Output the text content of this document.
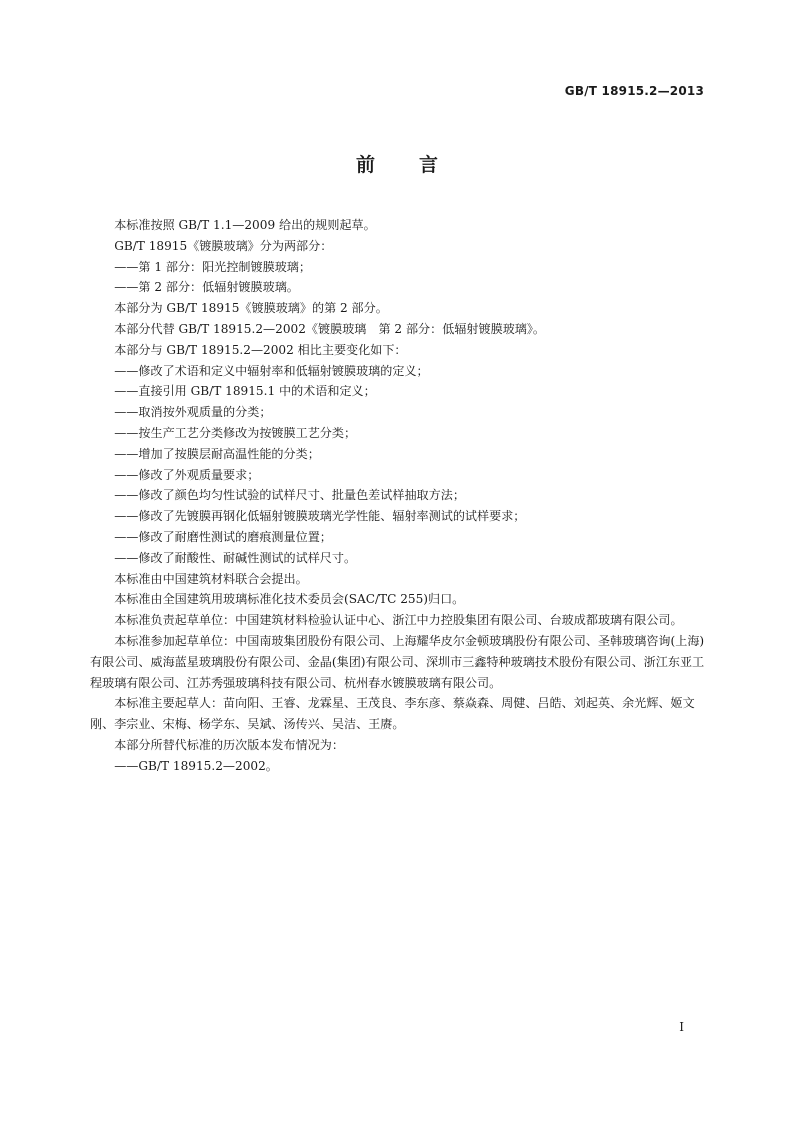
GB/T 18915.2—2013
前 言

本标准按照 GB/T 1.1—2009 给出的规则起草。

GB/T 18915《镀膜玻璃》分为两部分：

——第 1 部分：阳光控制镀膜玻璃；

——第 2 部分：低辐射镀膜玻璃。

本部分为 GB/T 18915《镀膜玻璃》的第 2 部分。

本部分代替 GB/T 18915.2—2002《镀膜玻璃　第 2 部分：低辐射镀膜玻璃》。

本部分与 GB/T 18915.2—2002 相比主要变化如下：

——修改了术语和定义中辐射率和低辐射镀膜玻璃的定义；

——直接引用 GB/T 18915.1 中的术语和定义；

——取消按外观质量的分类；

——按生产工艺分类修改为按镀膜工艺分类；

——增加了按膜层耐高温性能的分类；

——修改了外观质量要求；

——修改了颜色均匀性试验的试样尺寸、批量色差试样抽取方法；

——修改了先镀膜再钢化低辐射镀膜玻璃光学性能、辐射率测试的试样要求；

——修改了耐磨性测试的磨痕测量位置；

——修改了耐酸性、耐碱性测试的试样尺寸。

本标准由中国建筑材料联合会提出。

本标准由全国建筑用玻璃标准化技术委员会(SAC/TC 255)归口。

本标准负责起草单位：中国建筑材料检验认证中心、浙江中力控股集团有限公司、台玻成都玻璃有限公司。

本标准参加起草单位：中国南玻集团股份有限公司、上海耀华皮尔金顿玻璃股份有限公司、圣韩玻璃咨询(上海)有限公司、威海蓝星玻璃股份有限公司、金晶(集团)有限公司、深圳市三鑫特种玻璃技术股份有限公司、浙江东亚工程玻璃有限公司、江苏秀强玻璃科技有限公司、杭州春水镀膜玻璃有限公司。

本标准主要起草人：苗向阳、王睿、龙霖星、王茂良、李东彦、蔡焱森、周健、吕皓、刘起英、余光辉、姬文刚、李宗业、宋梅、杨学东、吴斌、汤传兴、吴洁、王赓。

本部分所替代标准的历次版本发布情况为：

——GB/T 18915.2—2002。

I
